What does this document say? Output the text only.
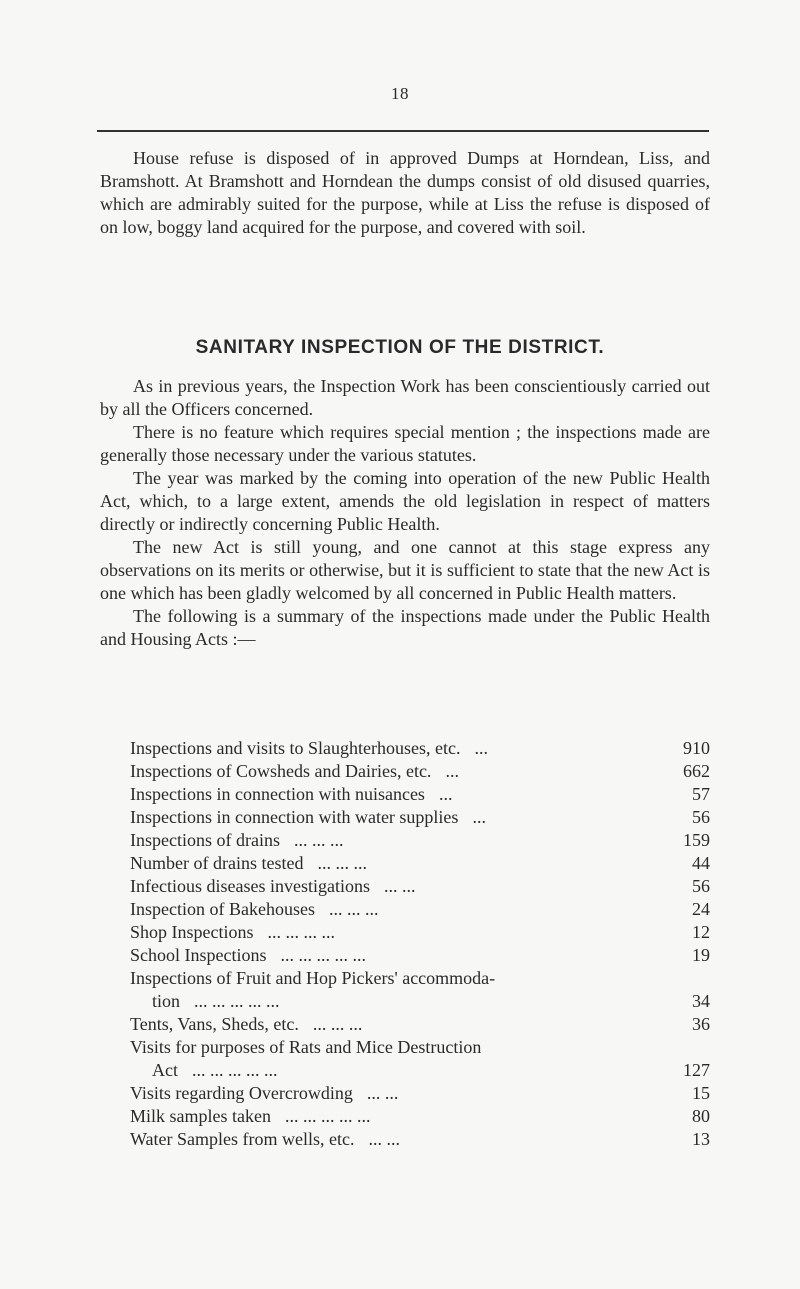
18

House refuse is disposed of in approved Dumps at Horndean, Liss, and Bramshott. At Bramshott and Horndean the dumps consist of old disused quarries, which are admirably suited for the purpose, while at Liss the refuse is disposed of on low, boggy land acquired for the purpose, and covered with soil.

SANITARY INSPECTION OF THE DISTRICT.

As in previous years, the Inspection Work has been conscientiously carried out by all the Officers concerned.

There is no feature which requires special mention ; the inspections made are generally those necessary under the various statutes.

The year was marked by the coming into operation of the new Public Health Act, which, to a large extent, amends the old legislation in respect of matters directly or indirectly concerning Public Health.

The new Act is still young, and one cannot at this stage express any observations on its merits or otherwise, but it is sufficient to state that the new Act is one which has been gladly welcomed by all concerned in Public Health matters.

The following is a summary of the inspections made under the Public Health and Housing Acts :—

Inspections and visits to Slaughterhouses, etc. ...	910
Inspections of Cowsheds and Dairies, etc. ...	662
Inspections in connection with nuisances ...	57
Inspections in connection with water supplies ...	56
Inspections of drains ... ... ...	159
Number of drains tested ... ... ...	44
Infectious diseases investigations ... ...	56
Inspection of Bakehouses ... ... ...	24
Shop Inspections ... ... ... ...	12
School Inspections ... ... ... ... ...	19
Inspections of Fruit and Hop Pickers' accommoda-
tion ... ... ... ... ...	34
Tents, Vans, Sheds, etc. ... ... ...	36
Visits for purposes of Rats and Mice Destruction
Act ... ... ... ... ...	127
Visits regarding Overcrowding ... ...	15
Milk samples taken ... ... ... ... ...	80
Water Samples from wells, etc. ... ...	13
